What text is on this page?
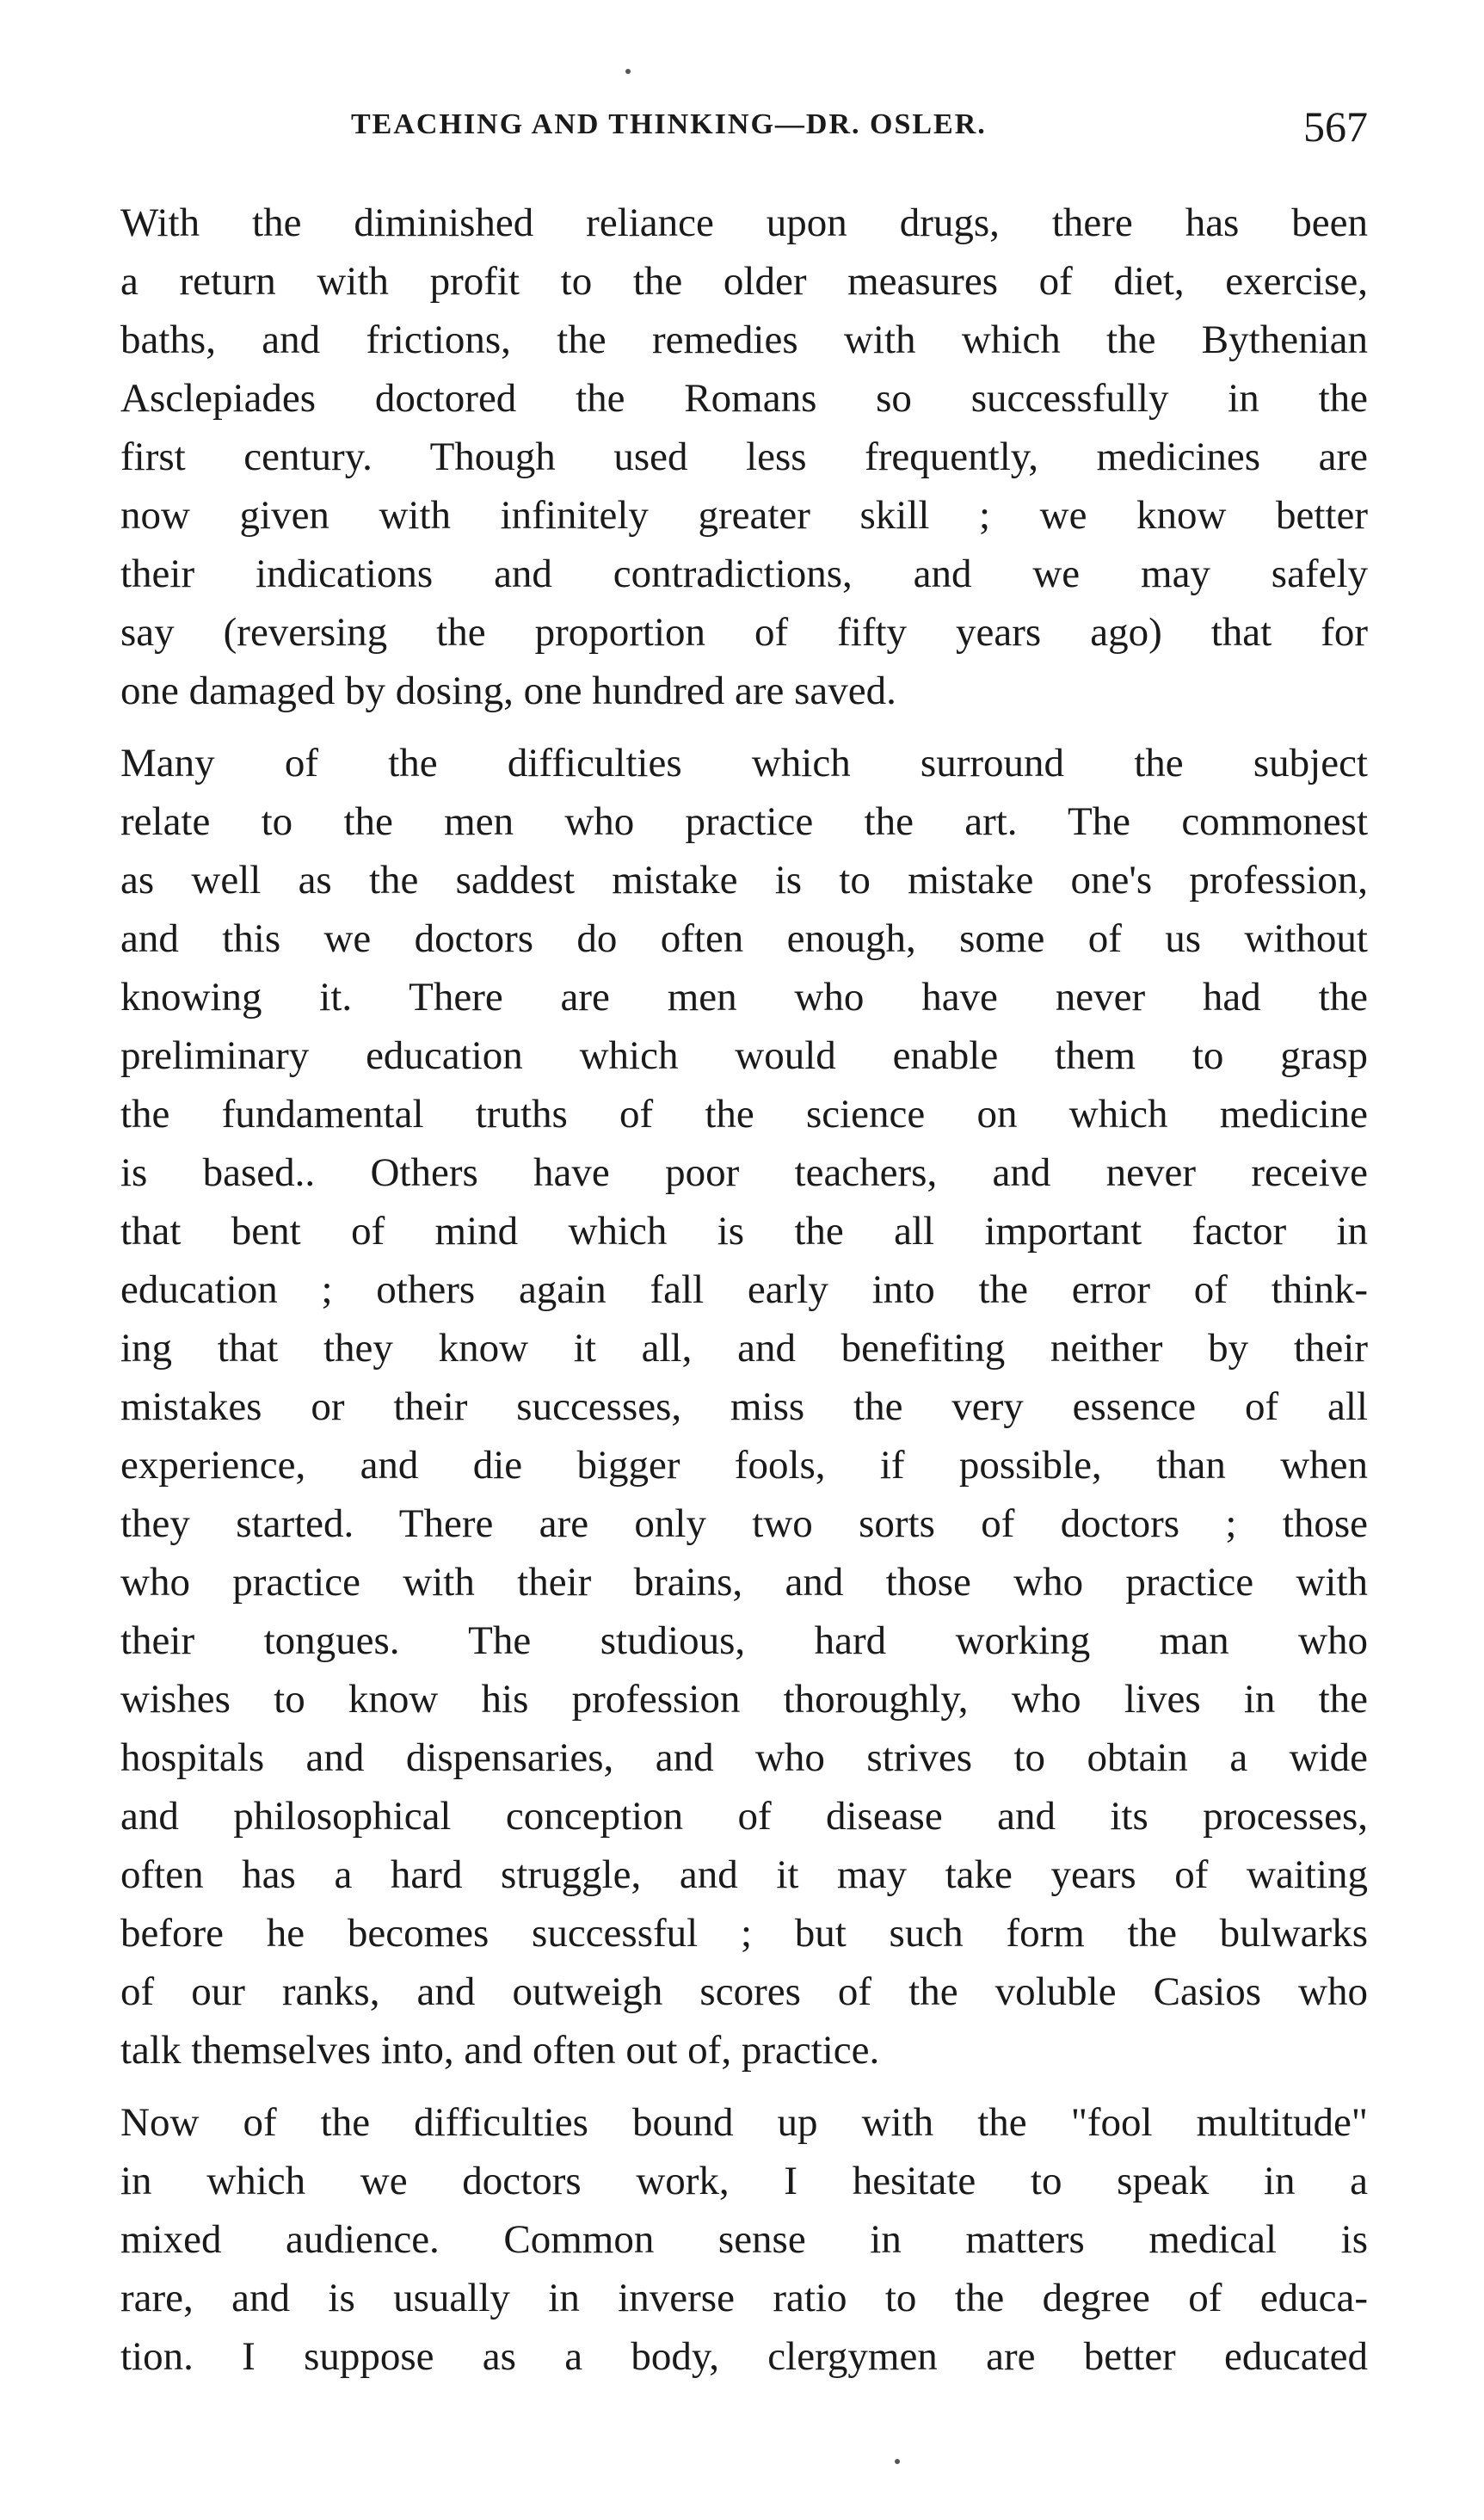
TEACHING AND THINKING—DR. OSLER.	567
With the diminished reliance upon drugs, there has been
a return with profit to the older measures of diet, exercise,
baths, and frictions, the remedies with which the Bythenian
Asclepiades doctored the Romans so successfully in the
first century. Though used less frequently, medicines are
now given with infinitely greater skill ; we know better
their indications and contradictions, and we may safely
say (reversing the proportion of fifty years ago) that for
one damaged by dosing, one hundred are saved.
Many of the difficulties which surround the subject
relate to the men who practice the art. The commonest
as well as the saddest mistake is to mistake one's profession,
and this we doctors do often enough, some of us without
knowing it. There are men who have never had the
preliminary education which would enable them to grasp
the fundamental truths of the science on which medicine
is based.. Others have poor teachers, and never receive
that bent of mind which is the all important factor in
education ; others again fall early into the error of think-
ing that they know it all, and benefiting neither by their
mistakes or their successes, miss the very essence of all
experience, and die bigger fools, if possible, than when
they started. There are only two sorts of doctors ; those
who practice with their brains, and those who practice with
their tongues. The studious, hard working man who
wishes to know his profession thoroughly, who lives in the
hospitals and dispensaries, and who strives to obtain a wide
and philosophical conception of disease and its processes,
often has a hard struggle, and it may take years of waiting
before he becomes successful ; but such form the bulwarks
of our ranks, and outweigh scores of the voluble Casios who
talk themselves into, and often out of, practice.
Now of the difficulties bound up with the "fool multitude"
in which we doctors work, I hesitate to speak in a
mixed audience. Common sense in matters medical is
rare, and is usually in inverse ratio to the degree of educa-
tion. I suppose as a body, clergymen are better educated
